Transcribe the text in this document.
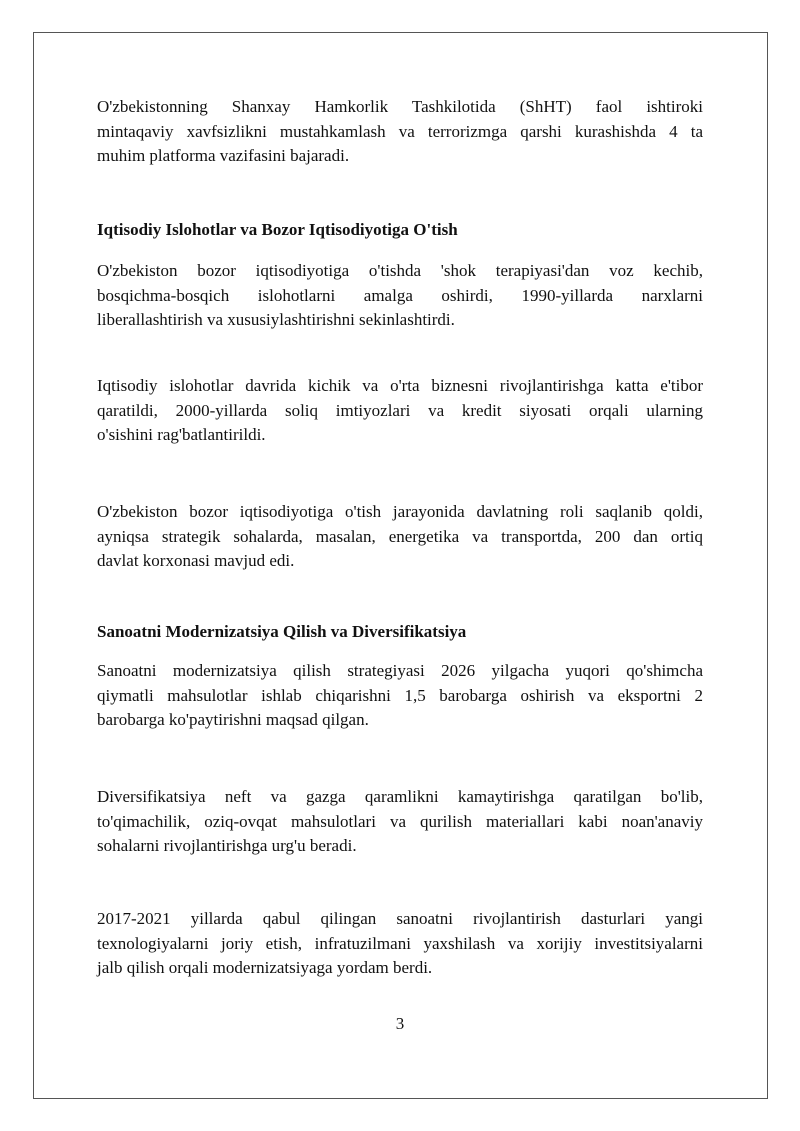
O'zbekistonning Shanxay Hamkorlik Tashkilotida (ShHT) faol ishtiroki
mintaqaviy xavfsizlikni mustahkamlash va terrorizmga qarshi kurashishda 4 ta
muhim platforma vazifasini bajaradi.
Iqtisodiy Islohotlar va Bozor Iqtisodiyotiga O'tish
O'zbekiston bozor iqtisodiyotiga o'tishda 'shok terapiyasi'dan voz kechib,
bosqichma-bosqich islohotlarni amalga oshirdi, 1990-yillarda narxlarni
liberallashtirish va xususiylashtirishni sekinlashtirdi.
Iqtisodiy islohotlar davrida kichik va o'rta biznesni rivojlantirishga katta e'tibor
qaratildi, 2000-yillarda soliq imtiyozlari va kredit siyosati orqali ularning
o'sishini rag'batlantirildi.
O'zbekiston bozor iqtisodiyotiga o'tish jarayonida davlatning roli saqlanib qoldi,
ayniqsa strategik sohalarda, masalan, energetika va transportda, 200 dan ortiq
davlat korxonasi mavjud edi.
Sanoatni Modernizatsiya Qilish va Diversifikatsiya
Sanoatni modernizatsiya qilish strategiyasi 2026 yilgacha yuqori qo'shimcha
qiymatli mahsulotlar ishlab chiqarishni 1,5 barobarga oshirish va eksportni 2
barobarga ko'paytirishni maqsad qilgan.
Diversifikatsiya neft va gazga qaramlikni kamaytirishga qaratilgan bo'lib,
to'qimachilik, oziq-ovqat mahsulotlari va qurilish materiallari kabi noan'anaviy
sohalarni rivojlantirishga urg'u beradi.
2017-2021 yillarda qabul qilingan sanoatni rivojlantirish dasturlari yangi
texnologiyalarni joriy etish, infratuzilmani yaxshilash va xorijiy investitsiyalarni
jalb qilish orqali modernizatsiyaga yordam berdi.
3
